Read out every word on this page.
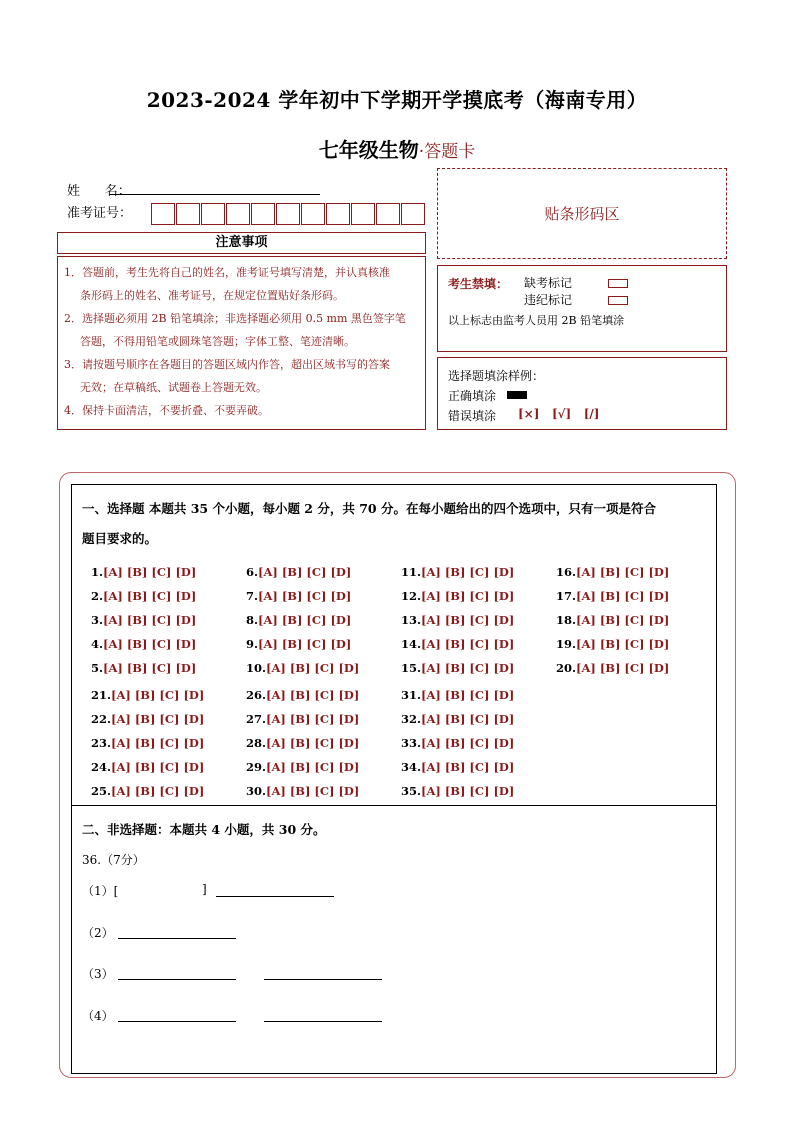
2023-2024 学年初中下学期开学摸底考（海南专用）
七年级生物·答题卡
姓      名：
准考证号：	贴条形码区
注意事项

1．答题前，考生先将自己的姓名，准考证号填写清楚，并认真核准

条形码上的姓名、准考证号，在规定位置贴好条形码。

2．选择题必须用 2B 铅笔填涂；非选择题必须用 0.5 mm 黑色签字笔

答题，不得用铅笔或圆珠笔答题；字体工整、笔迹清晰。

3．请按题号顺序在各题目的答题区域内作答，超出区域书写的答案

无效；在草稿纸、试题卷上答题无效。

4．保持卡面清洁，不要折叠、不要弄破。

考生禁填： 缺考标记
违纪标记
以上标志由监考人员用 2B 铅笔填涂
选择题填涂样例：
正确填涂
错误填涂 [×]   [√]   [/]
一、选择题 本题共 35 个小题，每小题 2 分，共 70 分。在每小题给出的四个选项中，只有一项是符合
题目要求的。
1.[A] [B] [C] [D]
2.[A] [B] [C] [D]
3.[A] [B] [C] [D]
4.[A] [B] [C] [D]
5.[A] [B] [C] [D]
6.[A] [B] [C] [D]
7.[A] [B] [C] [D]
8.[A] [B] [C] [D]
9.[A] [B] [C] [D]
10.[A] [B] [C] [D]
11.[A] [B] [C] [D]
12.[A] [B] [C] [D]
13.[A] [B] [C] [D]
14.[A] [B] [C] [D]
15.[A] [B] [C] [D]
16.[A] [B] [C] [D]
17.[A] [B] [C] [D]
18.[A] [B] [C] [D]
19.[A] [B] [C] [D]
20.[A] [B] [C] [D]
21.[A] [B] [C] [D]
22.[A] [B] [C] [D]
23.[A] [B] [C] [D]
24.[A] [B] [C] [D]
25.[A] [B] [C] [D]
26.[A] [B] [C] [D]
27.[A] [B] [C] [D]
28.[A] [B] [C] [D]
29.[A] [B] [C] [D]
30.[A] [B] [C] [D]
31.[A] [B] [C] [D]
32.[A] [B] [C] [D]
33.[A] [B] [C] [D]
34.[A] [B] [C] [D]
35.[A] [B] [C] [D]
二、非选择题：本题共 4 小题，共 30 分。
36.（7分）
（1）[	]
（2）
（3）
（4）
